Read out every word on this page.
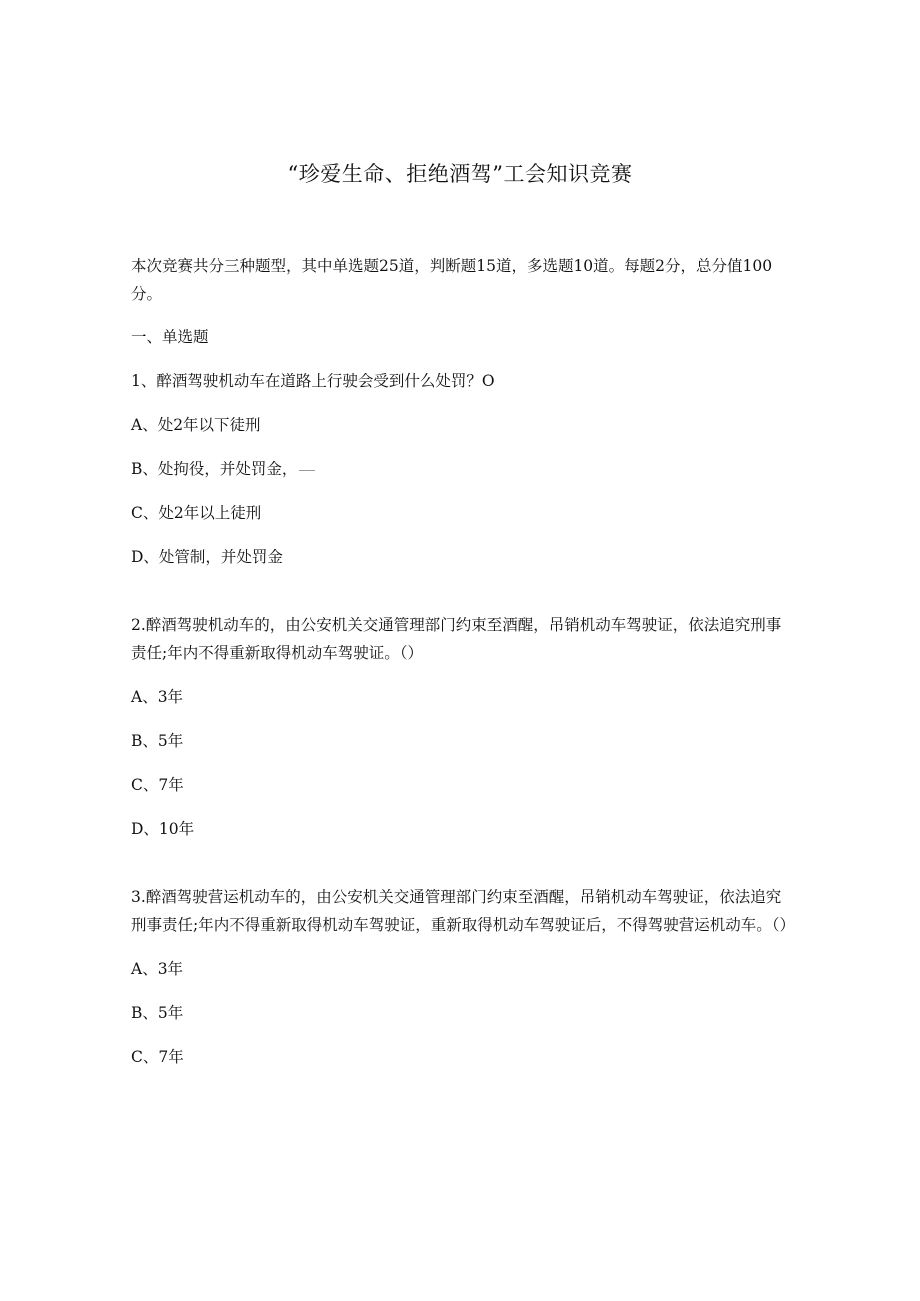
“珍爱生命、拒绝酒驾”工会知识竞赛

本次竞赛共分三种题型，其中单选题25道，判断题15道，多选题10道。每题2分，总分值100分。

一、单选题

1、醉酒驾驶机动车在道路上行驶会受到什么处罚？O

A、处2年以下徒刑

B、处拘役，并处罚金，

C、处2年以上徒刑

D、处管制，并处罚金

2.醉酒驾驶机动车的，由公安机关交通管理部门约束至酒醒，吊销机动车驾驶证，依法追究刑事责任;年内不得重新取得机动车驾驶证。（）

A、3年

B、5年

C、7年

D、10年

3.醉酒驾驶营运机动车的，由公安机关交通管理部门约束至酒醒，吊销机动车驾驶证，依法追究刑事责任;年内不得重新取得机动车驾驶证，重新取得机动车驾驶证后，不得驾驶营运机动车。（）

A、3年

B、5年

C、7年
